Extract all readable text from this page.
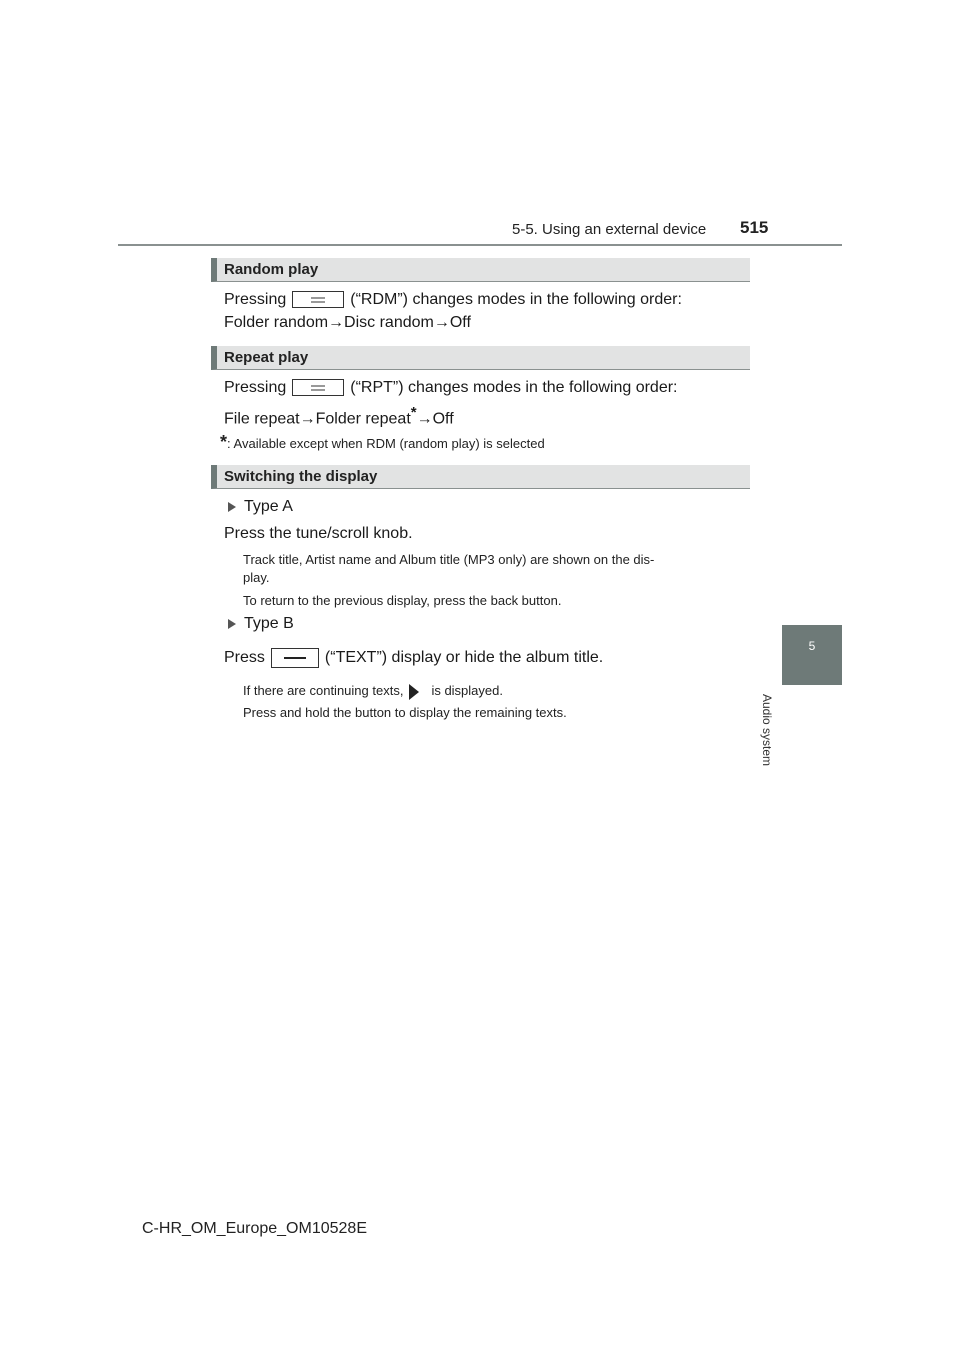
5-5. Using an external device 515
5
Audio system
Random play
Pressing	(“RDM”) changes modes in the following order:
Folder random→Disc random→Off
Repeat play
Pressing	(“RPT”) changes modes in the following order:
File repeat→Folder repeat*→Off
*: Available except when RDM (random play) is selected
Switching the display
Type A
Press the tune/scroll knob.
Track title, Artist name and Album title (MP3 only) are shown on the dis-
play.
To return to the previous display, press the back button.
Type B
Press	(“TEXT”) display or hide the album title.
If there are continuing texts, is displayed.
Press and hold the button to display the remaining texts.
C-HR_OM_Europe_OM10528E
